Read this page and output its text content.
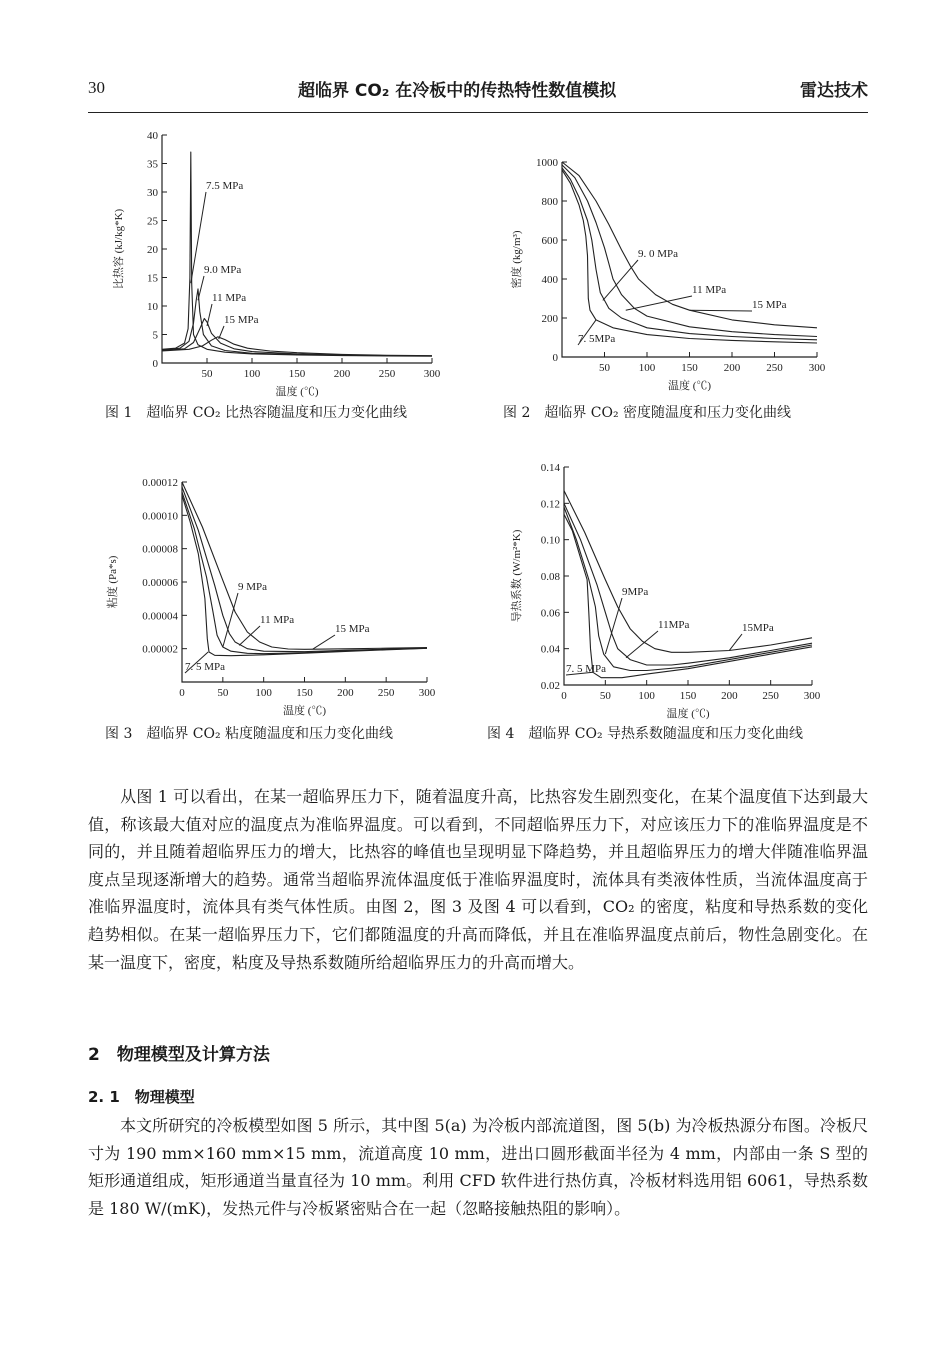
30	超临界 CO₂ 在冷板中的传热特性数值模拟	雷达技术
0
5
10
15
20
25
30
35
40
50	100	150	200	250	300
温度 (℃)
比热容 (kJ/kg*K)
7.5 MPa
9.0 MPa
11 MPa
15 MPa
图 1　超临界 CO₂ 比热容随温度和压力变化曲线
0
200
400
600
800
1000
50	100 150 200 250 300
温度 (℃)
密度 (kg/m³)	9. 0 MPa
11 MPa
15 MPa
7. 5MPa
图 2　超临界 CO₂ 密度随温度和压力变化曲线
0.00002
0.00004
0.00006
0.00008
0.00010
0.00012
0	50 100 150 200 250 300
温度 (℃)
粘度 (Pa*s)	9 MPa
11 MPa
15 MPa
7. 5 MPa
图 3　超临界 CO₂ 粘度随温度和压力变化曲线
0.02
0.04
0.06
0.08
0.10
0.12
0.14
0	50	100 150 200 250 300
温度 (℃)
导热系数 (W/m²*K)	9MPa
11MPa	15MPa
7. 5 MPa
图 4　超临界 CO₂ 导热系数随温度和压力变化曲线
从图 1 可以看出，在某一超临界压力下，随着温度升高，比热容发生剧烈变化，在某个温度值下达到最大值，称该最大值对应的温度点为准临界温度。可以看到，不同超临界压力下，对应该压力下的准临界温度是不同的，并且随着超临界压力的增大，比热容的峰值也呈现明显下降趋势，并且超临界压力的增大伴随准临界温度点呈现逐渐增大的趋势。通常当超临界流体温度低于准临界温度时，流体具有类液体性质，当流体温度高于准临界温度时，流体具有类气体性质。由图 2，图 3 及图 4 可以看到，CO₂ 的密度，粘度和导热系数的变化趋势相似。在某一超临界压力下，它们都随温度的升高而降低，并且在准临界温度点前后，物性急剧变化。在某一温度下，密度，粘度及导热系数随所给超临界压力的升高而增大。
2　物理模型及计算方法
2. 1　物理模型
本文所研究的冷板模型如图 5 所示，其中图 5(a) 为冷板内部流道图，图 5(b) 为冷板热源分布图。冷板尺寸为 190 mm×160 mm×15 mm，流道高度 10 mm，进出口圆形截面半径为 4 mm，内部由一条 S 型的矩形通道组成，矩形通道当量直径为 10 mm。利用 CFD 软件进行热仿真，冷板材料选用铝 6061，导热系数是 180 W/(mK)，发热元件与冷板紧密贴合在一起（忽略接触热阻的影响）。
